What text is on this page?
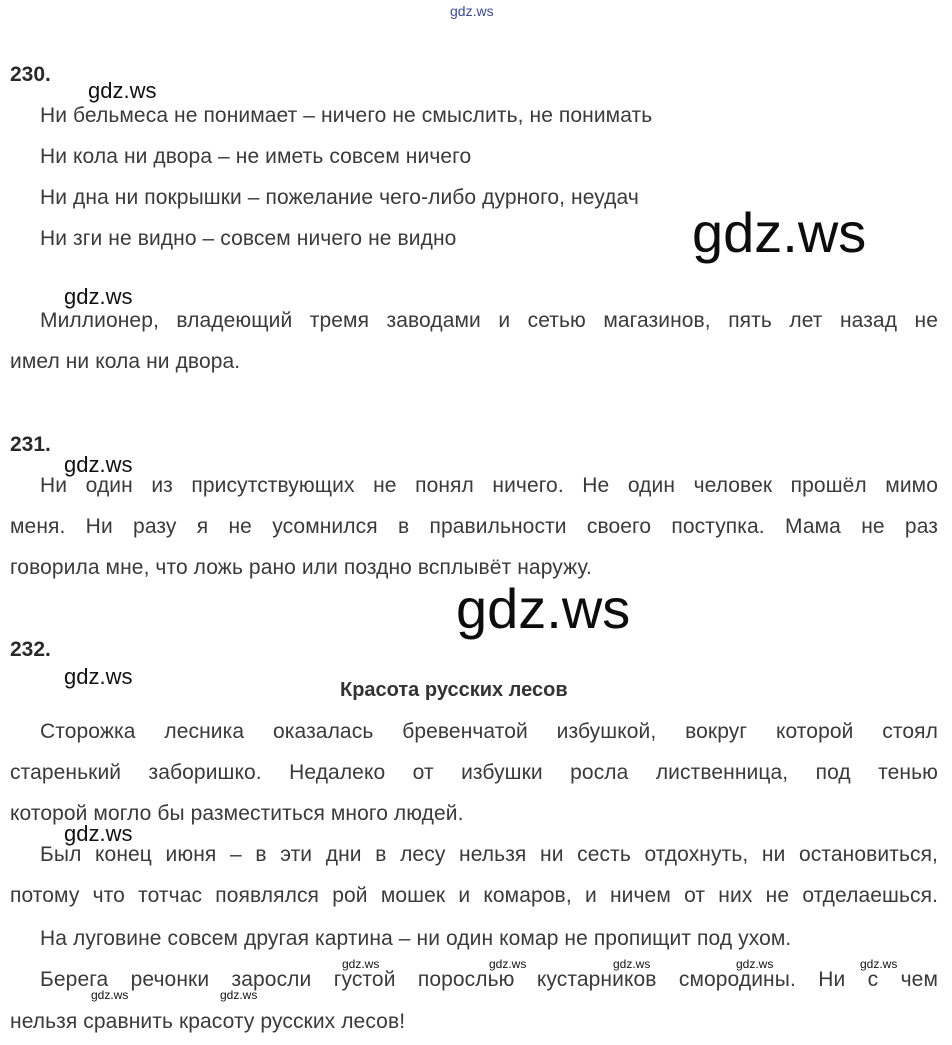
gdz.ws
230.
gdz.ws
Ни бельмеса не понимает – ничего не смыслить, не понимать
Ни кола ни двора – не иметь совсем ничего
Ни дна ни покрышки – пожелание чего-либо дурного, неудач
Ни зги не видно – совсем ничего не видно	gdz.ws
gdz.ws
Миллионер, владеющий тремя заводами и сетью магазинов, пять лет назад не
имел ни кола ни двора.
231.
gdz.ws
Ни один из присутствующих не понял ничего. Не один человек прошёл мимо
меня. Ни разу я не усомнился в правильности своего поступка. Мама не раз
говорила мне, что ложь рано или поздно всплывёт наружу.
gdz.ws
232.
gdz.ws
Красота русских лесов
Сторожка лесника оказалась бревенчатой избушкой, вокруг которой стоял
старенький заборишко. Недалеко от избушки росла лиственница, под тенью
которой могло бы разместиться много людей.
gdz.ws
Был конец июня – в эти дни в лесу нельзя ни сесть отдохнуть, ни остановиться,
потому что тотчас появлялся рой мошек и комаров, и ничем от них не отделаешься.
На луговине совсем другая картина – ни один комар не пропищит под ухом.
gdz.ws	gdz.ws	gdz.ws	gdz.ws	gdz.ws
Берега речонки заросли густой порослью кустарников смородины. Ни с чем
gdz.ws	gdz.ws
нельзя сравнить красоту русских лесов!
